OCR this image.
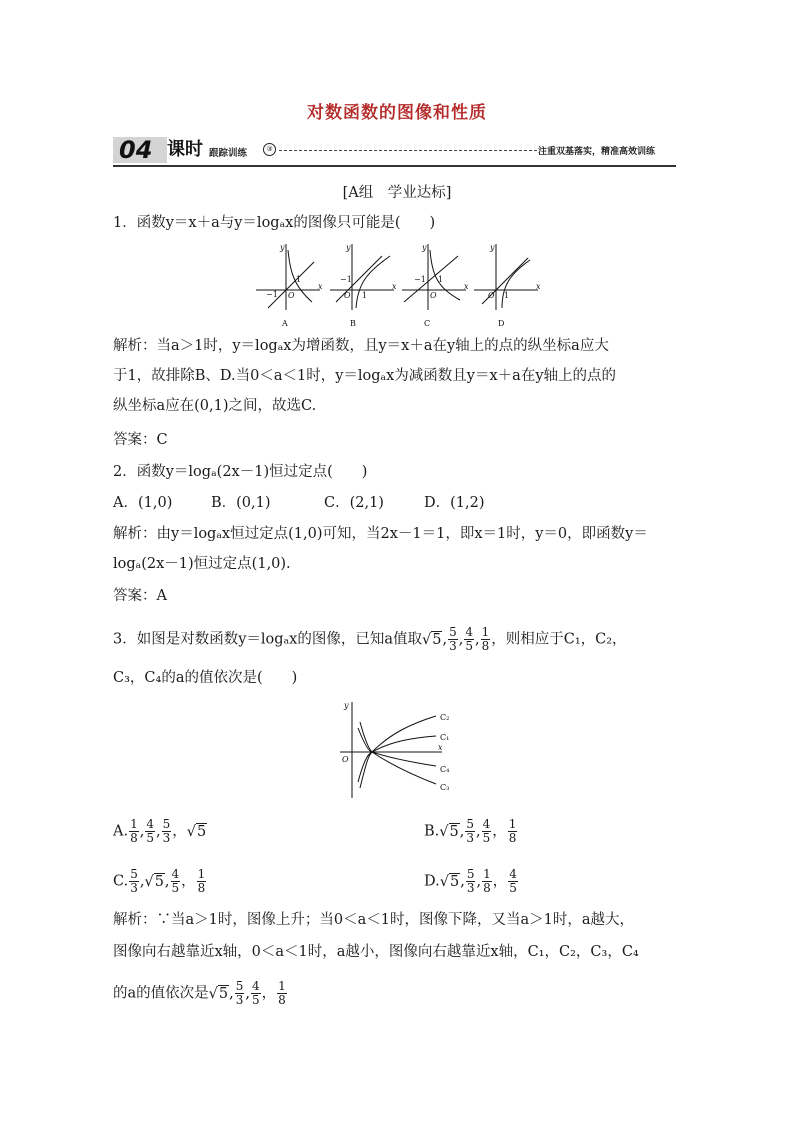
对数函数的图像和性质
04 课时 跟踪训练	③	注重双基落实，精准高效训练
[A组　学业达标]
1．函数y＝x＋a与y＝logₐx的图像只可能是(　　)
x
y
−1 O
1
A
x
y
−1
O 1
B
x
y
−1
O
1
C
x
y
O 1
D
解析：当a＞1时，y＝logₐx为增函数，且y＝x＋a在y轴上的点的纵坐标a应大
于1，故排除B、D.当0＜a＜1时，y＝logₐx为减函数且y＝x＋a在y轴上的点的
纵坐标a应在(0,1)之间，故选C.
答案：C
2．函数y＝logₐ(2x－1)恒过定点(　　)
A．(1,0)	B．(0,1)	C．(2,1)	D．(1,2)
解析：由y＝logₐx恒过定点(1,0)可知，当2x－1＝1，即x＝1时，y＝0，即函数y＝
logₐ(2x－1)恒过定点(1,0).
答案：A
3．如图是对数函数y＝logₐx的图像，已知a值取√5, $\frac{5}{3}$ , $\frac{4}{5}$ , $\frac{1}{8}$ ，则相应于C₁，C₂，
C₃，C₄的a的值依次是(　　)
x
y
O
C₂
C₁
C₄
C₃
A. $\frac{1}{8}$ , $\frac{4}{5}$ , $\frac{5}{3}$ ，√5	B.√5, $\frac{5}{3}$ , $\frac{4}{5}$ ， $\frac{1}{8}$
C. $\frac{5}{3} ,√5$, $\frac{4}{5}$ ， $\frac{1}{8}$	D.√5, $\frac{5}{3}$ , $\frac{1}{8}$ ， $\frac{4}{5}$
解析：∵当a＞1时，图像上升；当0＜a＜1时，图像下降，又当a＞1时，a越大，
图像向右越靠近x轴，0＜a＜1时，a越小，图像向右越靠近x轴，C₁，C₂，C₃，C₄
的a的值依次是√5, $\frac{5}{3}$ , $\frac{4}{5}$ ， $\frac{1}{8}$
